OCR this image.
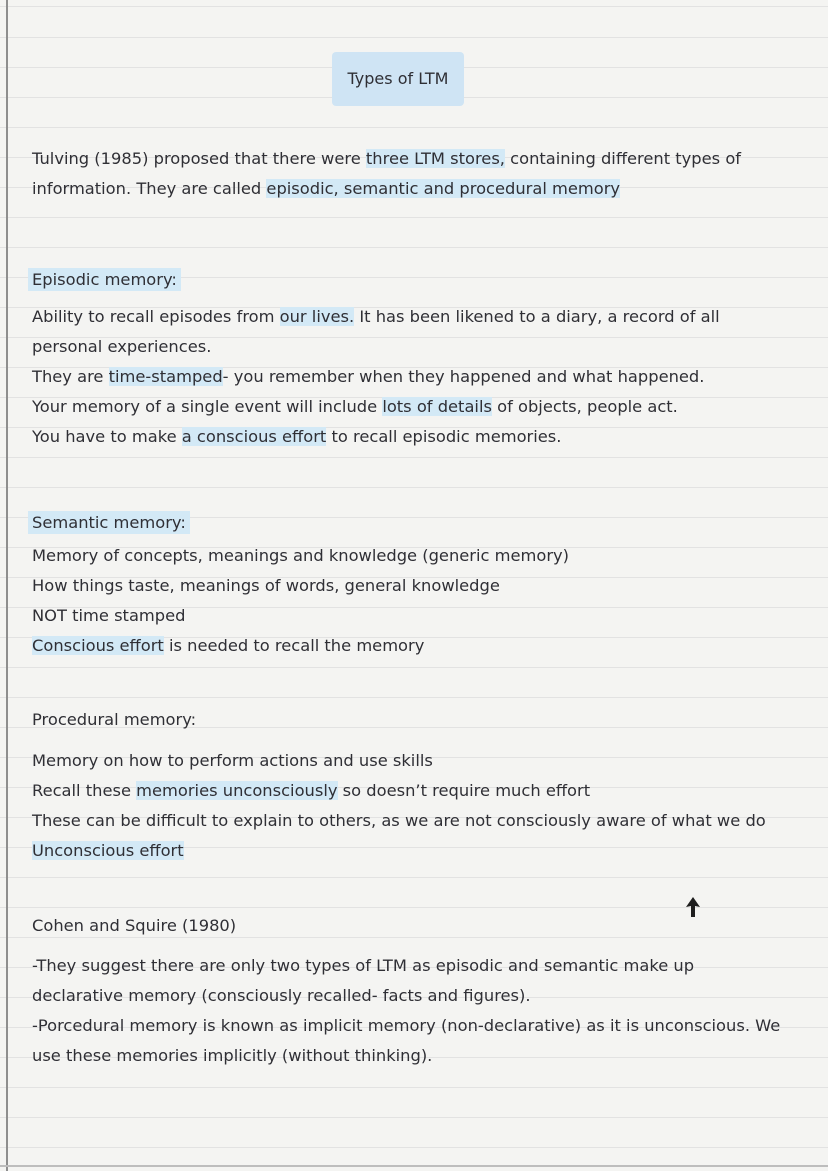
Types of LTM
Tulving (1985) proposed that there were three LTM stores, containing different types of
information. They are called episodic, semantic and procedural memory
Episodic memory:
Ability to recall episodes from our lives. It has been likened to a diary, a record of all
personal experiences.
They are time-stamped- you remember when they happened and what happened.
Your memory of a single event will include lots of details of objects, people act.
You have to make a conscious effort to recall episodic memories.
Semantic memory:
Memory of concepts, meanings and knowledge (generic memory)
How things taste, meanings of words, general knowledge
NOT time stamped
Conscious effort is needed to recall the memory
Procedural memory:
Memory on how to perform actions and use skills
Recall these memories unconsciously so doesn’t require much effort
These can be difficult to explain to others, as we are not consciously aware of what we do
Unconscious effort
Cohen and Squire (1980)
-They suggest there are only two types of LTM as episodic and semantic make up
declarative memory (consciously recalled- facts and figures).
-Porcedural memory is known as implicit memory (non-declarative) as it is unconscious. We
use these memories implicitly (without thinking).
